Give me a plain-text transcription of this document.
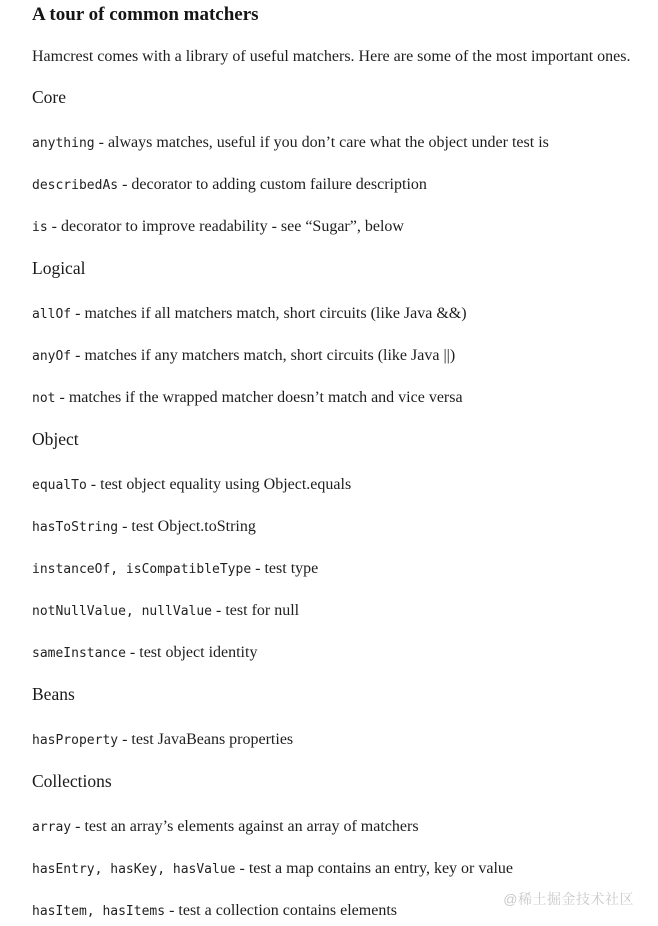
A tour of common matchers

Hamcrest comes with a library of useful matchers. Here are some of the most important ones.

Core

anything - always matches, useful if you don’t care what the object under test is

describedAs - decorator to adding custom failure description

is - decorator to improve readability - see “Sugar”, below

Logical

allOf - matches if all matchers match, short circuits (like Java &&)

anyOf - matches if any matchers match, short circuits (like Java ||)

not - matches if the wrapped matcher doesn’t match and vice versa

Object

equalTo - test object equality using Object.equals

hasToString - test Object.toString

instanceOf, isCompatibleType - test type

notNullValue, nullValue - test for null

sameInstance - test object identity

Beans

hasProperty - test JavaBeans properties

Collections

array - test an array’s elements against an array of matchers

hasEntry, hasKey, hasValue - test a map contains an entry, key or value

hasItem, hasItems - test a collection contains elements

@稀土掘金技术社区
